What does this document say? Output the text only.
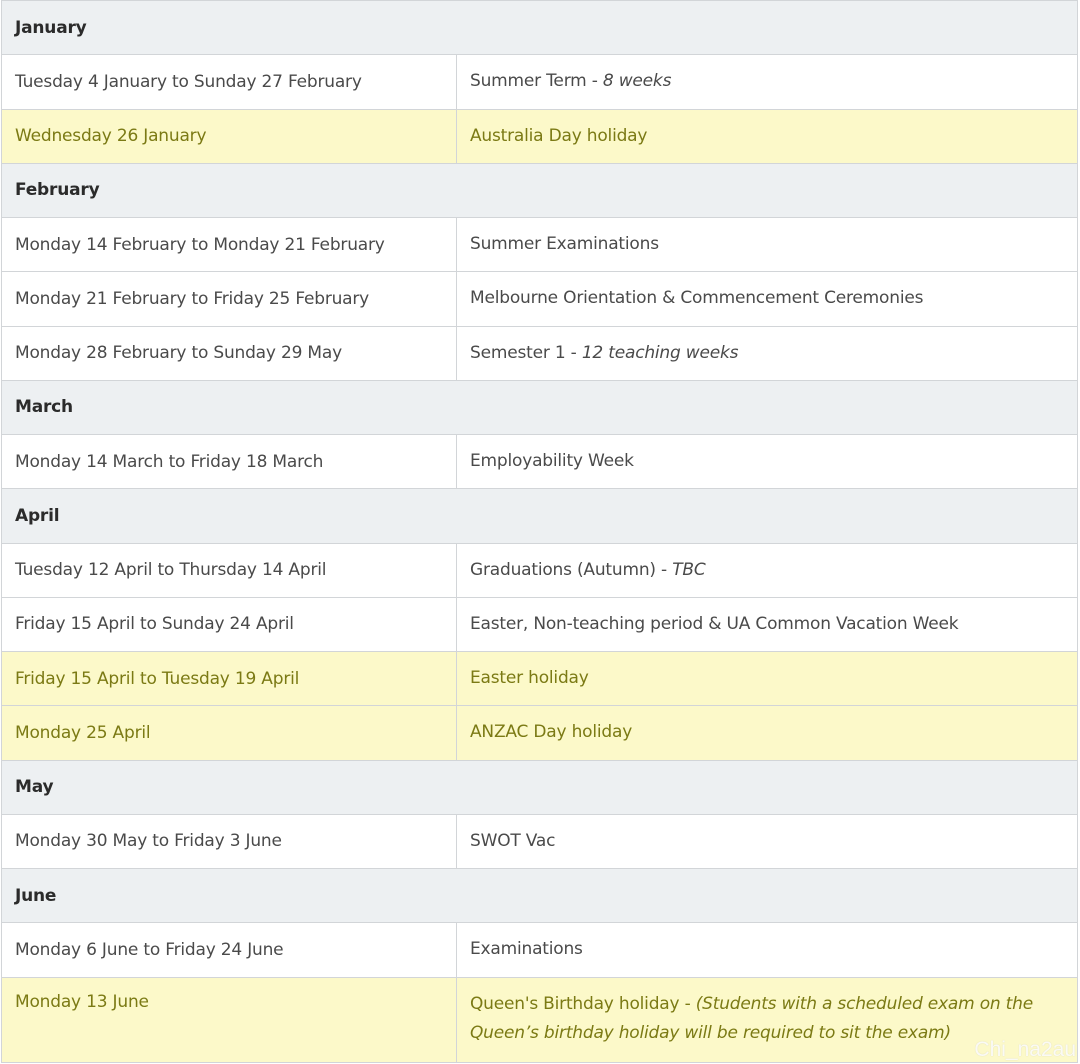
January
Tuesday 4 January to Sunday 27 February	Summer Term - 8 weeks
Wednesday 26 January	Australia Day holiday
February
Monday 14 February to Monday 21 February	Summer Examinations
Monday 21 February to Friday 25 February	Melbourne Orientation & Commencement Ceremonies
Monday 28 February to Sunday 29 May	Semester 1 - 12 teaching weeks
March
Monday 14 March to Friday 18 March	Employability Week
April
Tuesday 12 April to Thursday 14 April	Graduations (Autumn) - TBC
Friday 15 April to Sunday 24 April	Easter, Non-teaching period & UA Common Vacation Week
Friday 15 April to Tuesday 19 April	Easter holiday
Monday 25 April	ANZAC Day holiday
May
Monday 30 May to Friday 3 June	SWOT Vac
June
Monday 6 June to Friday 24 June	Examinations
Monday 13 June	Queen's Birthday holiday - (Students with a scheduled exam on the Queen’s birthday holiday will be required to sit the exam)
Chi_na2au
